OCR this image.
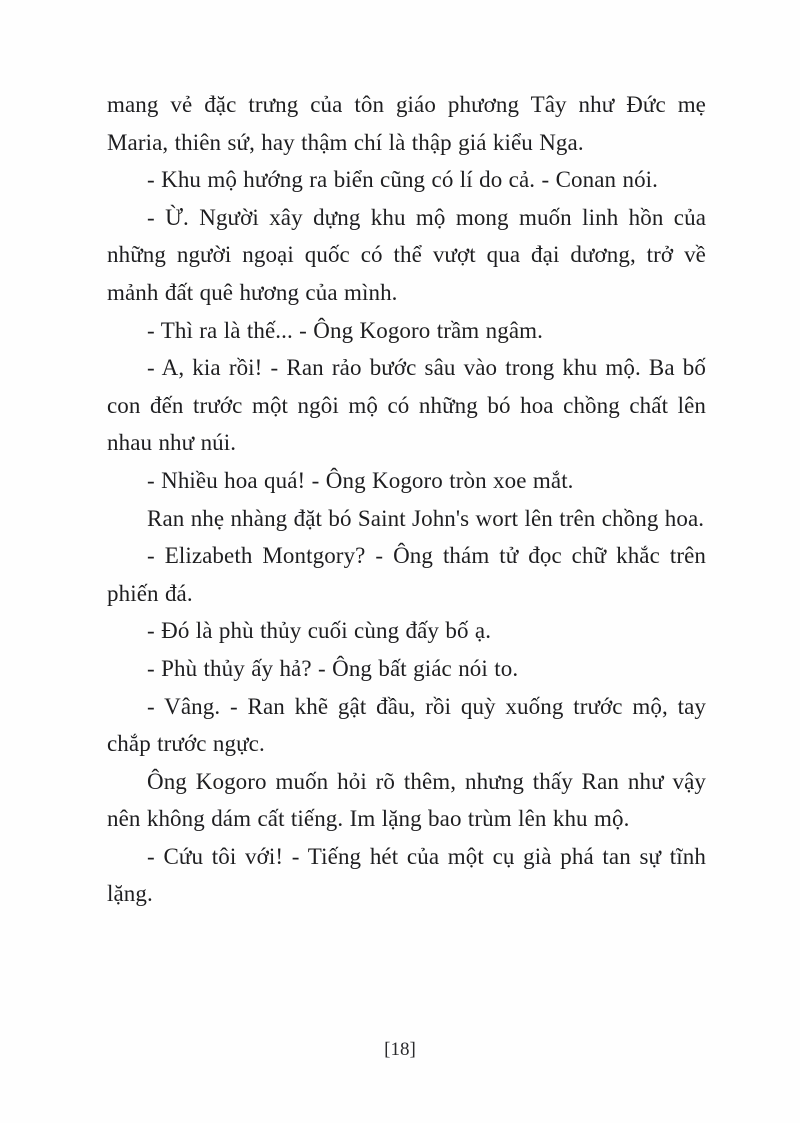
mang vẻ đặc trưng của tôn giáo phương Tây như Đức mẹ Maria, thiên sứ, hay thậm chí là thập giá kiểu Nga.

- Khu mộ hướng ra biển cũng có lí do cả. - Conan nói.

- Ừ. Người xây dựng khu mộ mong muốn linh hồn của những người ngoại quốc có thể vượt qua đại dương, trở về mảnh đất quê hương của mình.

- Thì ra là thế... - Ông Kogoro trầm ngâm.

- A, kia rồi! - Ran rảo bước sâu vào trong khu mộ. Ba bố con đến trước một ngôi mộ có những bó hoa chồng chất lên nhau như núi.

- Nhiều hoa quá! - Ông Kogoro tròn xoe mắt.

Ran nhẹ nhàng đặt bó Saint John's wort lên trên chồng hoa.

- Elizabeth Montgory? - Ông thám tử đọc chữ khắc trên phiến đá.

- Đó là phù thủy cuối cùng đấy bố ạ.

- Phù thủy ấy hả? - Ông bất giác nói to.

- Vâng. - Ran khẽ gật đầu, rồi quỳ xuống trước mộ, tay chắp trước ngực.

Ông Kogoro muốn hỏi rõ thêm, nhưng thấy Ran như vậy nên không dám cất tiếng. Im lặng bao trùm lên khu mộ.

- Cứu tôi với! - Tiếng hét của một cụ già phá tan sự tĩnh lặng.

[18]
